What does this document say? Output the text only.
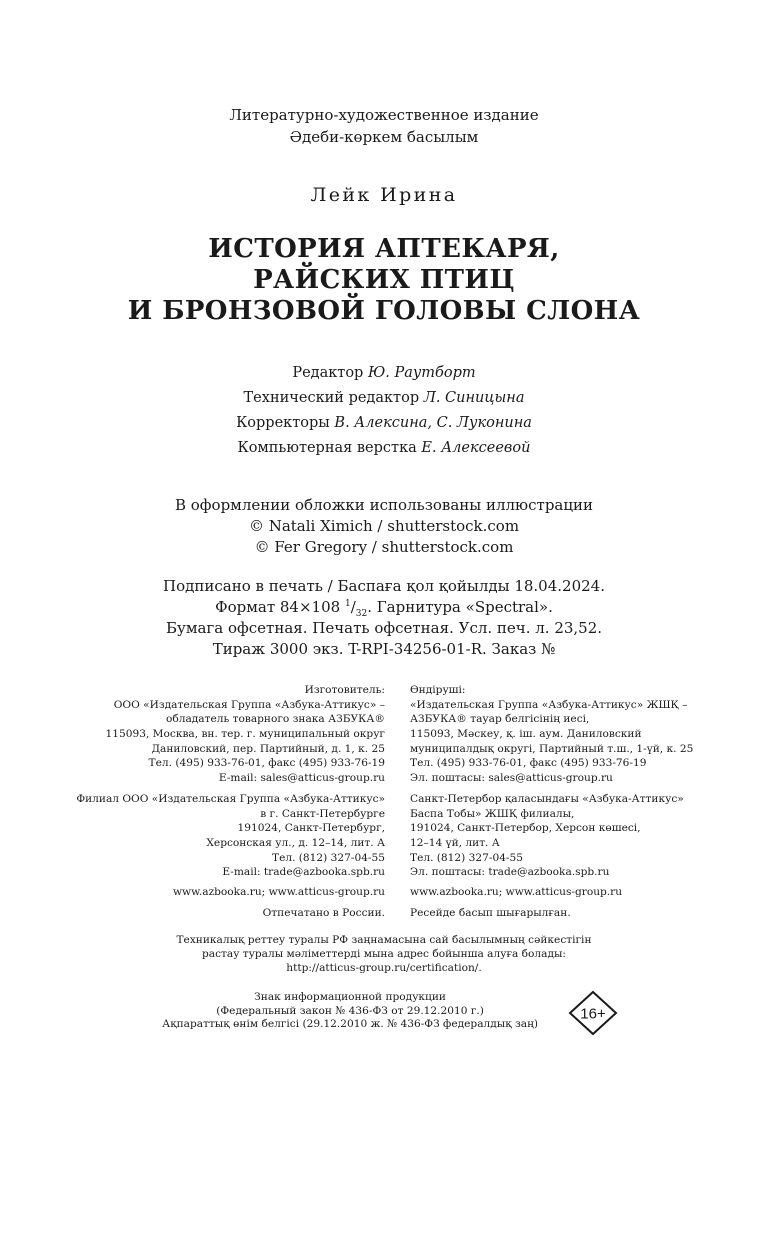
Литературно-художественное издание
Әдеби-көркем басылым
Лейк Ирина
ИСТОРИЯ АПТЕКАРЯ,
РАЙСКИХ ПТИЦ
И БРОНЗОВОЙ ГОЛОВЫ СЛОНА
Редактор Ю. Раутборт
Технический редактор Л. Синицына
Корректоры В. Алексина, С. Луконина
Компьютерная верстка Е. Алексеевой
В оформлении обложки использованы иллюстрации
© Natali Ximich / shutterstock.com
© Fer Gregory / shutterstock.com
Подписано в печать / Баспаға қол қойылды 18.04.2024.
Формат 84×108 $^1/_{32}$. Гарнитура «Spectral».
Бумага офсетная. Печать офсетная. Усл. печ. л. 23,52.
Тираж 3000 экз. T-RPI-34256-01-R. Заказ №
Изготовитель:
ООО «Издательская Группа «Азбука-Аттикус» –
обладатель товарного знака АЗБУКА®
115093, Москва, вн. тер. г. муниципальный округ
Даниловский, пер. Партийный, д. 1, к. 25
Тел. (495) 933-76-01, факс (495) 933-76-19
E-mail: sales@atticus-group.ru
Өндіруші:
«Издательская Группа «Азбука-Аттикус» ЖШҚ –
АЗБУКА® тауар белгісінің иесі,
115093, Мәскеу, қ. іш. аум. Даниловский
муниципалдық округі, Партийный т.ш., 1-үй, к. 25
Тел. (495) 933-76-01, факс (495) 933-76-19
Эл. поштасы: sales@atticus-group.ru
Филиал ООО «Издательская Группа «Азбука-Аттикус»
в г. Санкт-Петербурге
191024, Санкт-Петербург,
Херсонская ул., д. 12–14, лит. А
Тел. (812) 327-04-55
E-mail: trade@azbooka.spb.ru
Санкт-Петербор қаласындағы «Азбука-Аттикус»
Баспа Тобы» ЖШҚ филиалы,
191024, Санкт-Петербор, Херсон көшесі,
12–14 үй, лит. А
Тел. (812) 327-04-55
Эл. поштасы: trade@azbooka.spb.ru
www.azbooka.ru; www.atticus-group.ru www.azbooka.ru; www.atticus-group.ru
Отпечатано в России. Ресейде басып шығарылған.
Техникалық реттеу туралы РФ заңнамасына сай басылымның сәйкестігін
растау туралы мәліметтерді мына адрес бойынша алуға болады:
http://atticus-group.ru/certification/.
Знак информационной продукции
(Федеральный закон № 436-ФЗ от 29.12.2010 г.)
Ақпараттық өнім белгісі (29.12.2010 ж. № 436-ФЗ федералдық заң)
16+
